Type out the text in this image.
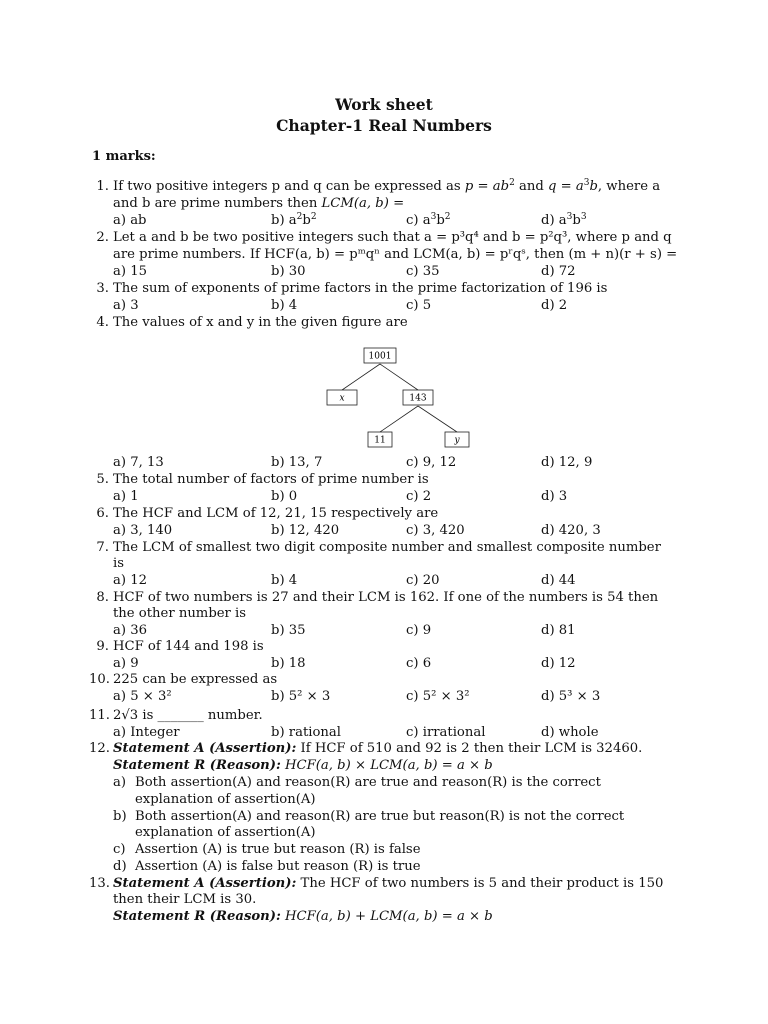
Work sheet
Chapter-1 Real Numbers
1 marks:
1. If two positive integers p and q can be expressed as $p = ab^2$ and $q = a^3b$, where a
and b are prime numbers then LCM(a, b) =
a) ab	b) $a^2b^2$	c) $a^3b^2$	d) $a^3b^3$
2. Let a and b be two positive integers such that a = p³q⁴ and b = p²q³, where p and q
are prime numbers. If HCF(a, b) = pᵐqⁿ and LCM(a, b) = pʳqˢ, then (m + n)(r + s) =
a) 15	b) 30	c) 35	d) 72
3. The sum of exponents of prime factors in the prime factorization of 196 is
a) 3	b) 4	c) 5	d) 2
4. The values of x and y in the given figure are
1001
x	143
11	y
a) 7, 13	b) 13, 7	c) 9, 12	d) 12, 9
5. The total number of factors of prime number is
a) 1	b) 0	c) 2	d) 3
6. The HCF and LCM of 12, 21, 15 respectively are
a) 3, 140	b) 12, 420	c) 3, 420	d) 420, 3
7. The LCM of smallest two digit composite number and smallest composite number
is
a) 12	b) 4	c) 20	d) 44
8. HCF of two numbers is 27 and their LCM is 162. If one of the numbers is 54 then
the other number is
a) 36	b) 35	c) 9	d) 81
9. HCF of 144 and 198 is
a) 9	b) 18	c) 6	d) 12
10. 225 can be expressed as
a) 5 × 3²	b) 5² × 3	c) 5² × 3²	d) 5³ × 3
11. 2√3 is _______ number.
a) Integer	b) rational	c) irrational	d) whole
12. Statement A (Assertion): If HCF of 510 and 92 is 2 then their LCM is 32460.
Statement R (Reason): HCF(a, b) × LCM(a, b) = a × b
a) Both assertion(A) and reason(R) are true and reason(R) is the correct
explanation of assertion(A)
b) Both assertion(A) and reason(R) are true but reason(R) is not the correct
explanation of assertion(A)
c) Assertion (A) is true but reason (R) is false
d) Assertion (A) is false but reason (R) is true
13. Statement A (Assertion): The HCF of two numbers is 5 and their product is 150
then their LCM is 30.
Statement R (Reason): HCF(a, b) + LCM(a, b) = a × b
